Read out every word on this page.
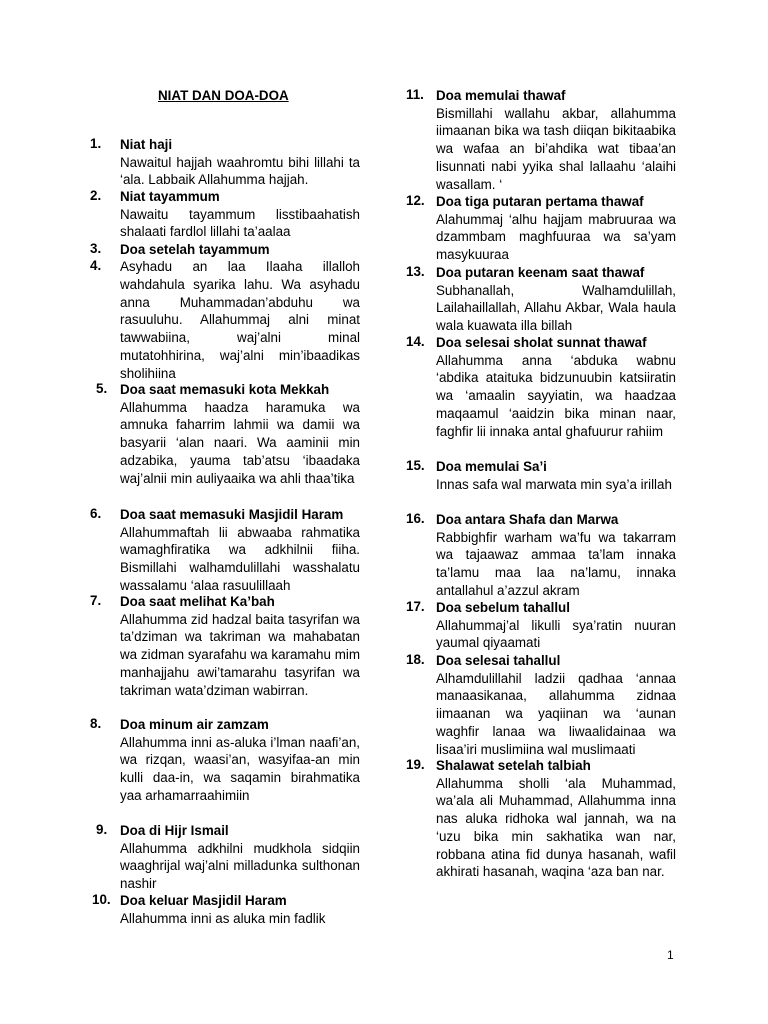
NIAT DAN DOA-DOA
1.	Niat haji
Nawaitul hajjah waahromtu bihi lillahi ta ‘ala. Labbaik Allahumma hajjah.
2.	Niat tayammum
Nawaitu tayammum lisstibaahatish shalaati fardlol lillahi ta’aalaa
3.	Doa setelah tayammum
4.	Asyhadu an laa Ilaaha illalloh wahdahula syarika lahu. Wa asyhadu anna Muhammadan’abduhu wa rasuuluhu. Allahummaj alni minat tawwabiina, waj’alni minal mutatohhirina, waj’alni min’ibaadikas sholihiina
5. Doa saat memasuki kota Mekkah
Allahumma haadza haramuka wa amnuka faharrim lahmii wa damii wa basyarii ‘alan naari. Wa aaminii min adzabika, yauma tab’atsu ‘ibaadaka waj’alnii min auliyaaika wa ahli thaa’tika
6.	Doa saat memasuki Masjidil Haram
Allahummaftah lii abwaaba rahmatika wamaghfiratika wa adkhilnii fiiha. Bismillahi walhamdulillahi wasshalatu wassalamu ‘alaa rasuulillaah
7.	Doa saat melihat Ka’bah
Allahumma zid hadzal baita tasyrifan wa ta’dziman wa takriman wa mahabatan wa zidman syarafahu wa karamahu mim manhajjahu awi’tamarahu tasyrifan wa takriman wata’dziman wabirran.
8.	Doa minum air zamzam
Allahumma inni as-aluka i’lman naafi’an, wa rizqan, waasi’an, wasyifaa-an min kulli daa-in, wa saqamin birahmatika yaa arhamarraahimiin
9. Doa di Hijr Ismail
Allahumma adkhilni mudkhola sidqiin waaghrijal waj’alni milladunka sulthonan nashir
10. Doa keluar Masjidil Haram
Allahumma inni as aluka min fadlik
11. Doa memulai thawaf
Bismillahi wallahu akbar, allahumma iimaanan bika wa tash diiqan bikitaabika wa wafaa an bi’ahdika wat tibaa’an lisunnati nabi yyika shal lallaahu ‘alaihi wasallam. ‘
12. Doa tiga putaran pertama thawaf
Alahummaj ‘alhu hajjam mabruuraa wa dzammbam maghfuuraa wa sa’yam masykuuraa
13. Doa putaran keenam saat thawaf
Subhanallah, Walhamdulillah, Lailahaillallah, Allahu Akbar, Wala haula wala kuawata illa billah
14. Doa selesai sholat sunnat thawaf
Allahumma anna ‘abduka wabnu ‘abdika ataituka bidzunuubin katsiiratin wa ‘amaalin sayyiatin, wa haadzaa maqaamul ‘aaidzin bika minan naar, faghfir lii innaka antal ghafuurur rahiim
15. Doa memulai Sa’i
Innas safa wal marwata min sya’a irillah
16. Doa antara Shafa dan Marwa
Rabbighfir warham wa’fu wa takarram wa tajaawaz ammaa ta’lam innaka ta’lamu maa laa na’lamu, innaka antallahul a’azzul akram
17. Doa sebelum tahallul
Allahummaj’al likulli sya’ratin nuuran yaumal qiyaamati
18. Doa selesai tahallul
Alhamdulillahil ladzii qadhaa ‘annaa manaasikanaa, allahumma zidnaa iimaanan wa yaqiinan wa ‘aunan waghfir lanaa wa liwaalidainaa wa lisaa’iri muslimiina wal muslimaati
19. Shalawat setelah talbiah
Allahumma sholli ‘ala Muhammad, wa’ala ali Muhammad, Allahumma inna nas aluka ridhoka wal jannah, wa na ‘uzu bika min sakhatika wan nar, robbana atina fid dunya hasanah, wafil akhirati hasanah, waqina ‘aza ban nar.
1
